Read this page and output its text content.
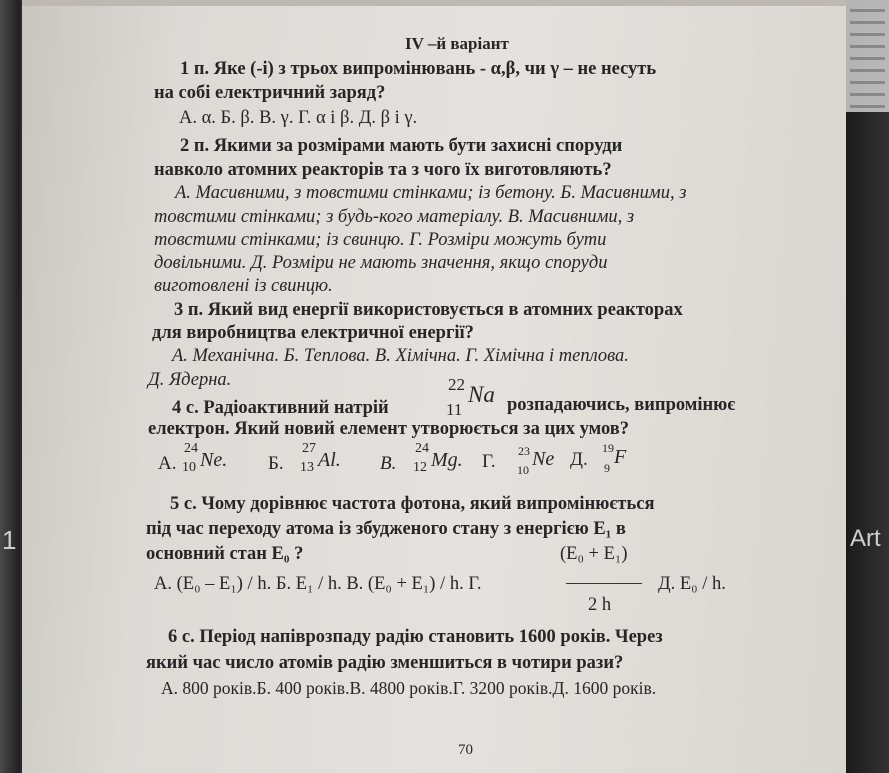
1	Art
IV –й варіант
1 п. Яке (-і) з трьох випромінювань - α,β, чи γ – не несуть
на собі електричний заряд?
А. α. Б. β. В. γ. Г. α і β. Д. β і γ.
2 п. Якими за розмірами мають бути захисні споруди
навколо атомних реакторів та з чого їх виготовляють?
А. Масивними, з товстими стінками; із бетону. Б. Масивними, з
товстими стінками; з будь-кого матеріалу. В. Масивними, з
товстими стінками; із свинцю. Г. Розміри можуть бути
довільними. Д. Розміри не мають значення, якщо споруди
виготовлені із свинцю.
3 п. Який вид енергії використовується в атомних реакторах
для виробництва електричної енергії?
А. Механічна. Б. Теплова. В. Хімічна. Г. Хімічна і теплова.
Д. Ядерна.
4 с. Радіоактивний натрій
22
11
Na розпадаючись, випромінює
електрон. Який новий елемент утворюється за цих умов?
А.
24
10 Ne. Б.
27
13 Al. В.
24
12 Mg. Г. 23
10 Ne Д.
19
9 F
5 с. Чому дорівнює частота фотона, який випромінюється
під час переходу атома із збудженого стану з енергією E₁ в
основний стан E₀ ?	(E₀ + E₁)
А. (E₀ – E₁) / h. Б. E₁ / h. В. (E₀ + E₁) / h. Г.
2 h
Д. E₀ / h.
6 с. Період напіврозпаду радію становить 1600 років. Через
який час число атомів радію зменшиться в чотири рази?
А. 800 років.Б. 400 років.В. 4800 років.Г. 3200 років.Д. 1600 років.
70
